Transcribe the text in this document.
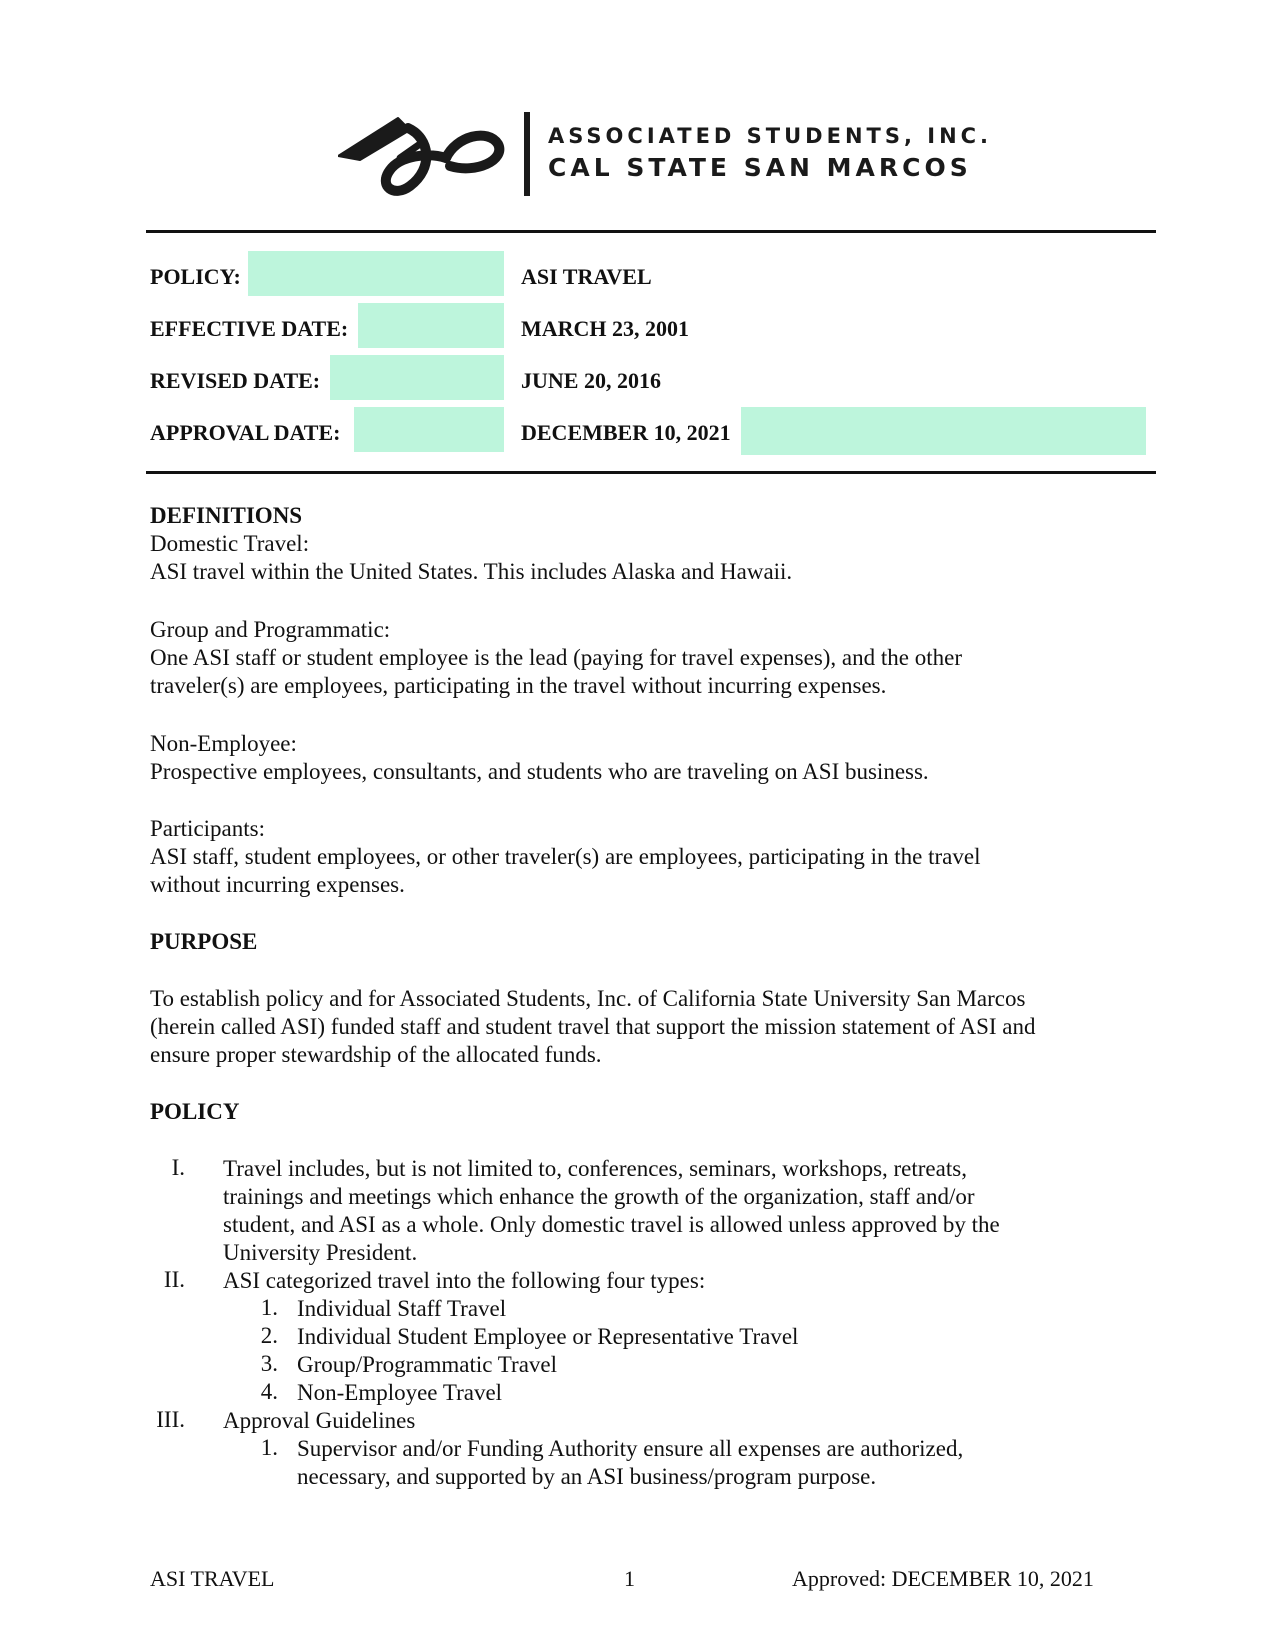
ASSOCIATED STUDENTS, INC.
CAL STATE SAN MARCOS
POLICY:	ASI TRAVEL
EFFECTIVE DATE:	MARCH 23, 2001
REVISED DATE:	JUNE 20, 2016
APPROVAL DATE:	DECEMBER 10, 2021
DEFINITIONS
Domestic Travel:
ASI travel within the United States. This includes Alaska and Hawaii.
Group and Programmatic:
One ASI staff or student employee is the lead (paying for travel expenses), and the other
traveler(s) are employees, participating in the travel without incurring expenses.
Non-Employee:
Prospective employees, consultants, and students who are traveling on ASI business.
Participants:
ASI staff, student employees, or other traveler(s) are employees, participating in the travel
without incurring expenses.
PURPOSE
To establish policy and for Associated Students, Inc. of California State University San Marcos
(herein called ASI) funded staff and student travel that support the mission statement of ASI and
ensure proper stewardship of the allocated funds.
POLICY
I. Travel includes, but is not limited to, conferences, seminars, workshops, retreats,
trainings and meetings which enhance the growth of the organization, staff and/or
student, and ASI as a whole. Only domestic travel is allowed unless approved by the
University President.
II. ASI categorized travel into the following four types:
1. Individual Staff Travel
2. Individual Student Employee or Representative Travel
3. Group/Programmatic Travel
4. Non-Employee Travel
III. Approval Guidelines
1. Supervisor and/or Funding Authority ensure all expenses are authorized,
necessary, and supported by an ASI business/program purpose.
ASI TRAVEL	1	Approved: DECEMBER 10, 2021
